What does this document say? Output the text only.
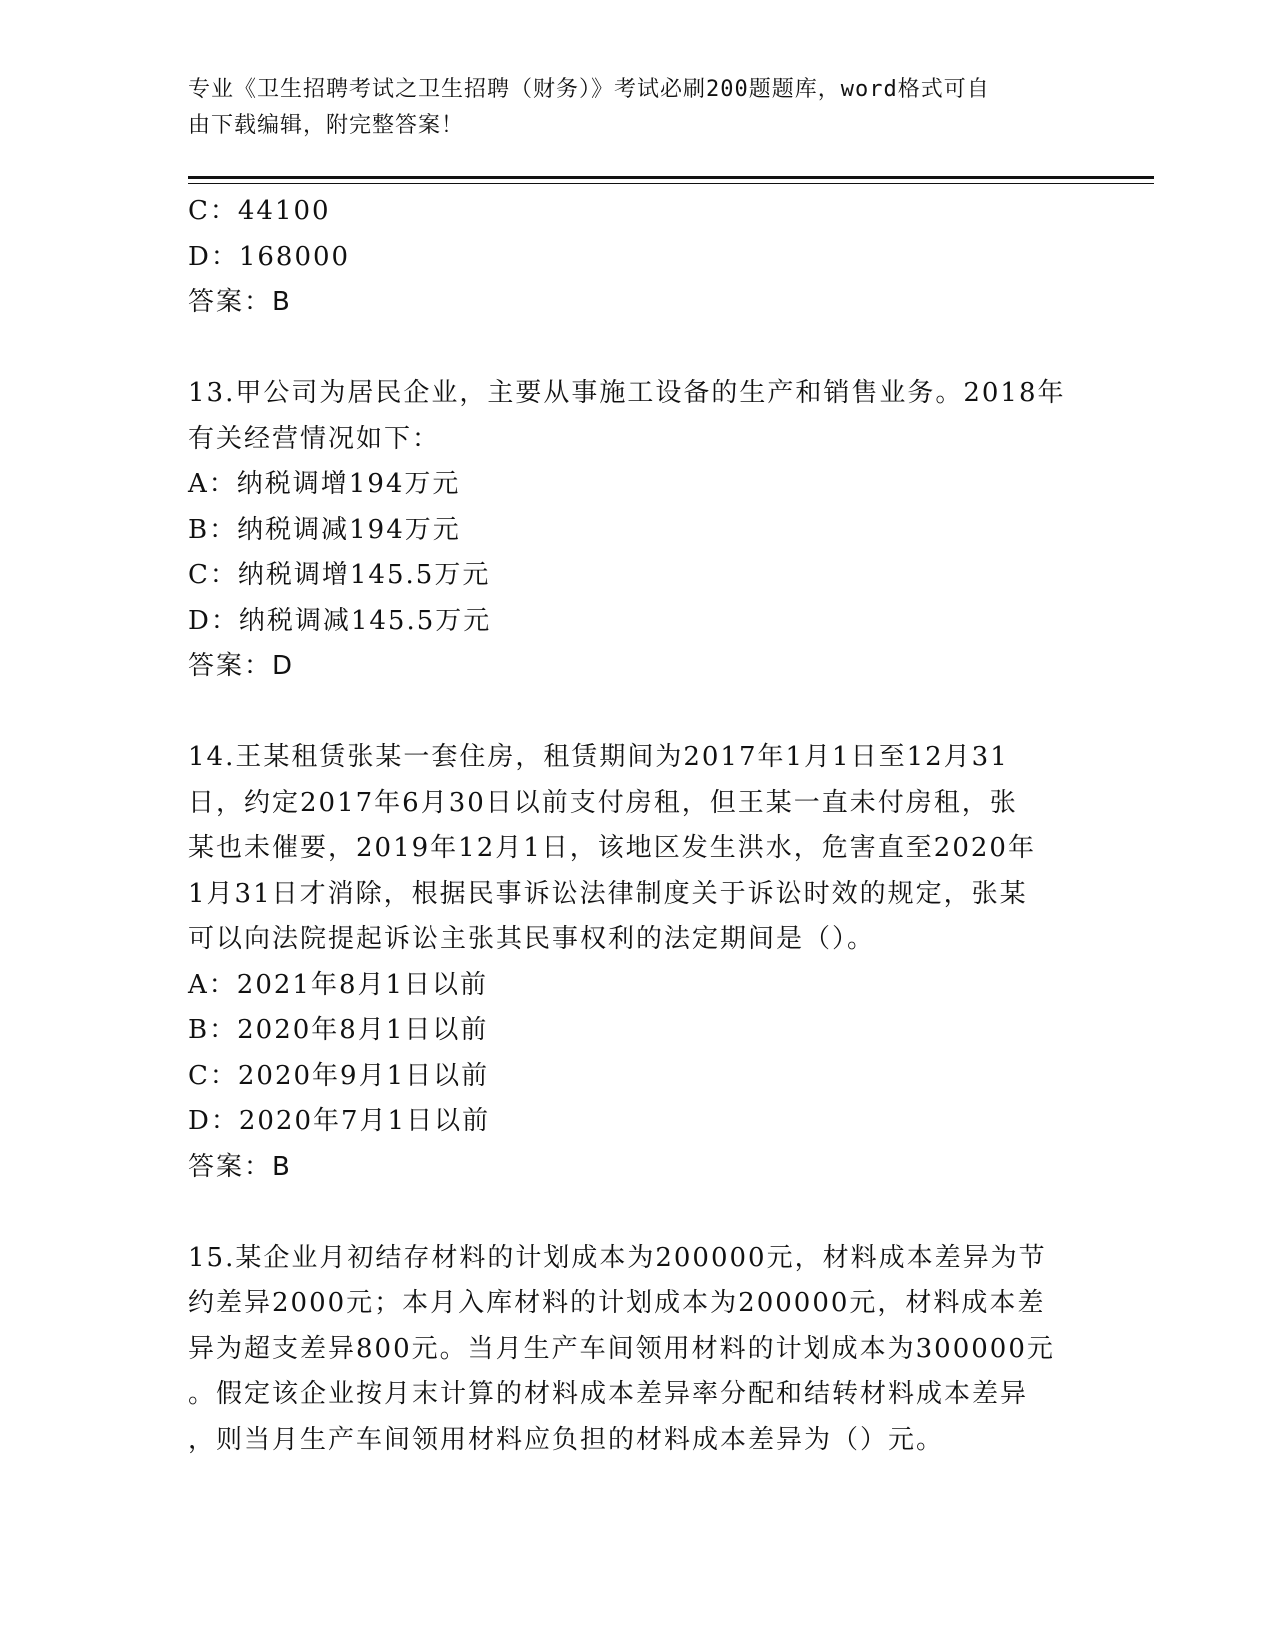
专业《卫生招聘考试之卫生招聘（财务）》考试必刷200题题库，word格式可自
由下载编辑，附完整答案！

C：44100

D：168000

答案：B

13.甲公司为居民企业，主要从事施工设备的生产和销售业务。2018年

有关经营情况如下：

A：纳税调增194万元

B：纳税调减194万元

C：纳税调增145.5万元

D：纳税调减145.5万元

答案：D

14.王某租赁张某一套住房，租赁期间为2017年1月1日至12月31

日，约定2017年6月30日以前支付房租，但王某一直未付房租，张

某也未催要，2019年12月1日，该地区发生洪水，危害直至2020年

1月31日才消除，根据民事诉讼法律制度关于诉讼时效的规定，张某

可以向法院提起诉讼主张其民事权利的法定期间是（）。

A：2021年8月1日以前

B：2020年8月1日以前

C：2020年9月1日以前

D：2020年7月1日以前

答案：B

15.某企业月初结存材料的计划成本为200000元，材料成本差异为节

约差异2000元；本月入库材料的计划成本为200000元，材料成本差

异为超支差异800元。当月生产车间领用材料的计划成本为300000元

。假定该企业按月末计算的材料成本差异率分配和结转材料成本差异

，则当月生产车间领用材料应负担的材料成本差异为（）元。
